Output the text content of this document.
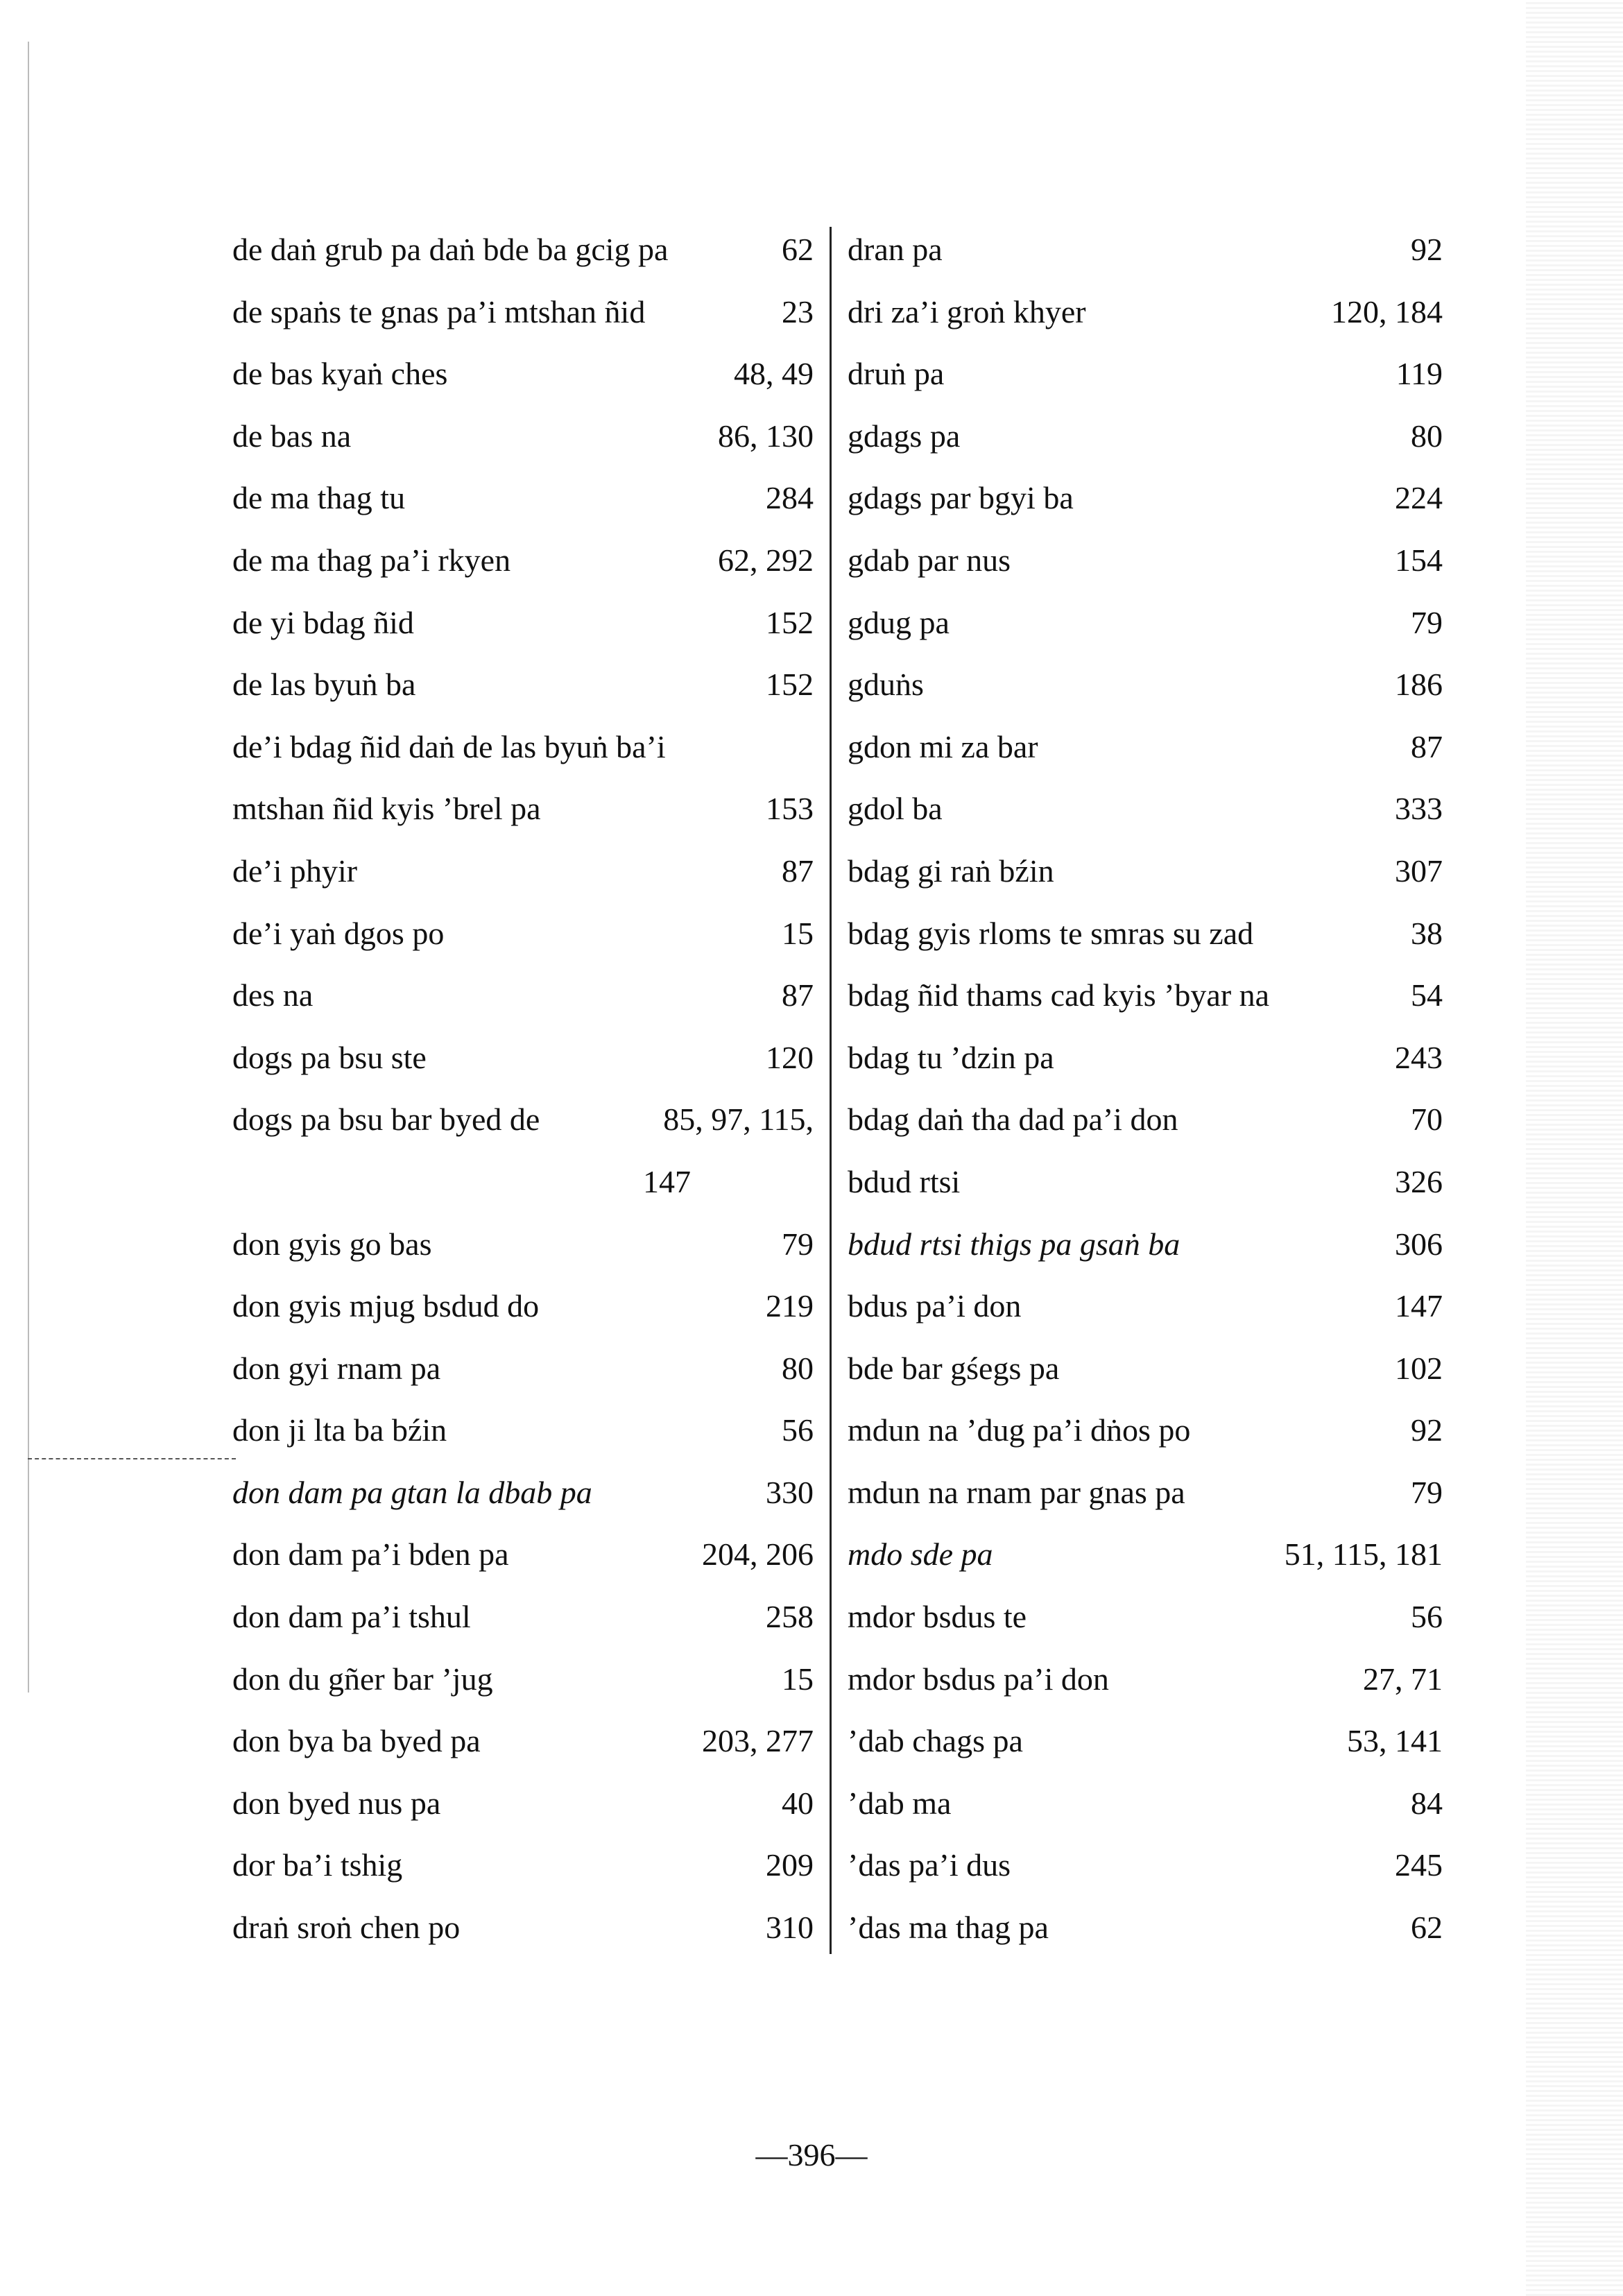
de daṅ grub pa daṅ bde ba gcig pa	62
de spaṅs te gnas pa’i mtshan ñid	23
de bas kyaṅ ches	48, 49
de bas na	86, 130
de ma thag tu	284
de ma thag pa’i rkyen	62, 292
de yi bdag ñid	152
de las byuṅ ba	152
de’i bdag ñid daṅ de las byuṅ ba’i
mtshan ñid kyis ’brel pa	153
de’i phyir	87
de’i yaṅ dgos po	15
des na	87
dogs pa bsu ste	120
dogs pa bsu bar byed de	85, 97, 115,
147
don gyis go bas	79
don gyis mjug bsdud do	219
don gyi rnam pa	80
don ji lta ba bźin	56
don dam pa gtan la dbab pa	330
don dam pa’i bden pa	204, 206
don dam pa’i tshul	258
don du gñer bar ’jug	15
don bya ba byed pa	203, 277
don byed nus pa	40
dor ba’i tshig	209
draṅ sroṅ chen po	310
dran pa	92
dri za’i groṅ khyer	120, 184
druṅ pa	119
gdags pa	80
gdags par bgyi ba	224
gdab par nus	154
gdug pa	79
gduṅs	186
gdon mi za bar	87
gdol ba	333
bdag gi raṅ bźin	307
bdag gyis rloms te smras su zad	38
bdag ñid thams cad kyis ’byar na	54
bdag tu ’dzin pa	243
bdag daṅ tha dad pa’i don	70
bdud rtsi	326
bdud rtsi thigs pa gsaṅ ba	306
bdus pa’i don	147
bde bar gśegs pa	102
mdun na ’dug pa’i dṅos po	92
mdun na rnam par gnas pa	79
mdo sde pa	51, 115, 181
mdor bsdus te	56
mdor bsdus pa’i don	27, 71
’dab chags pa	53, 141
’dab ma	84
’das pa’i dus	245
’das ma thag pa	62
—396—
